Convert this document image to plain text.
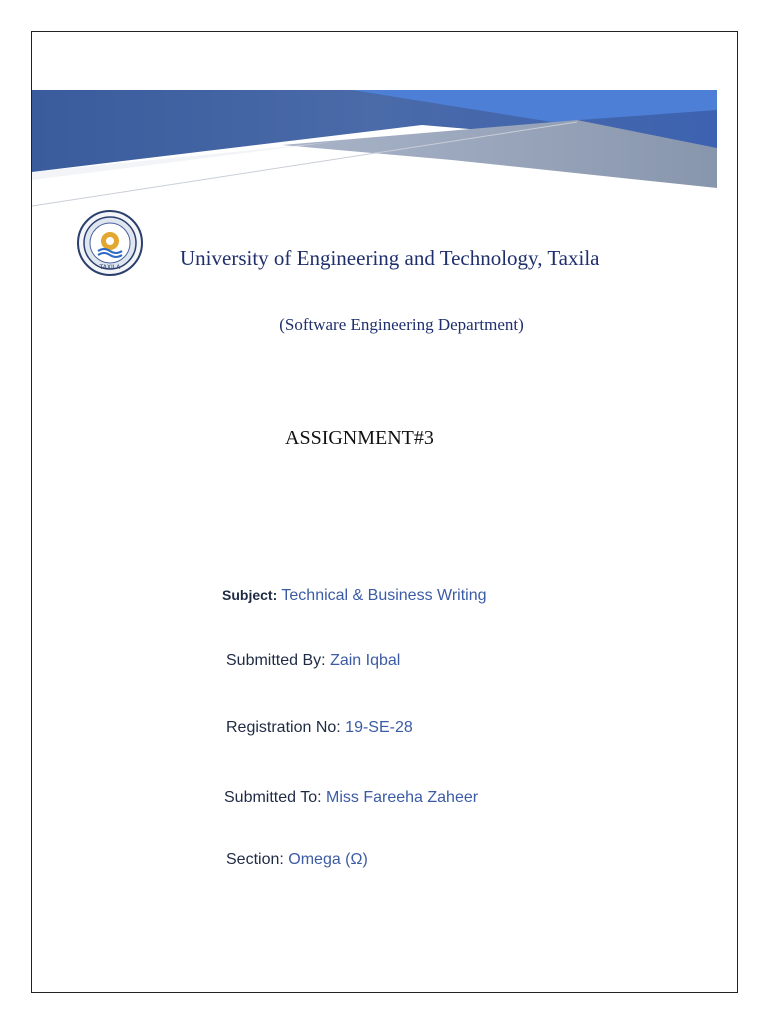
TAXILA	University of Engineering and Technology, Taxila
(Software Engineering Department)
ASSIGNMENT#3
Subject: Technical & Business Writing
Submitted By: Zain Iqbal
Registration No: 19-SE-28
Submitted To: Miss Fareeha Zaheer
Section: Omega (Ω)
